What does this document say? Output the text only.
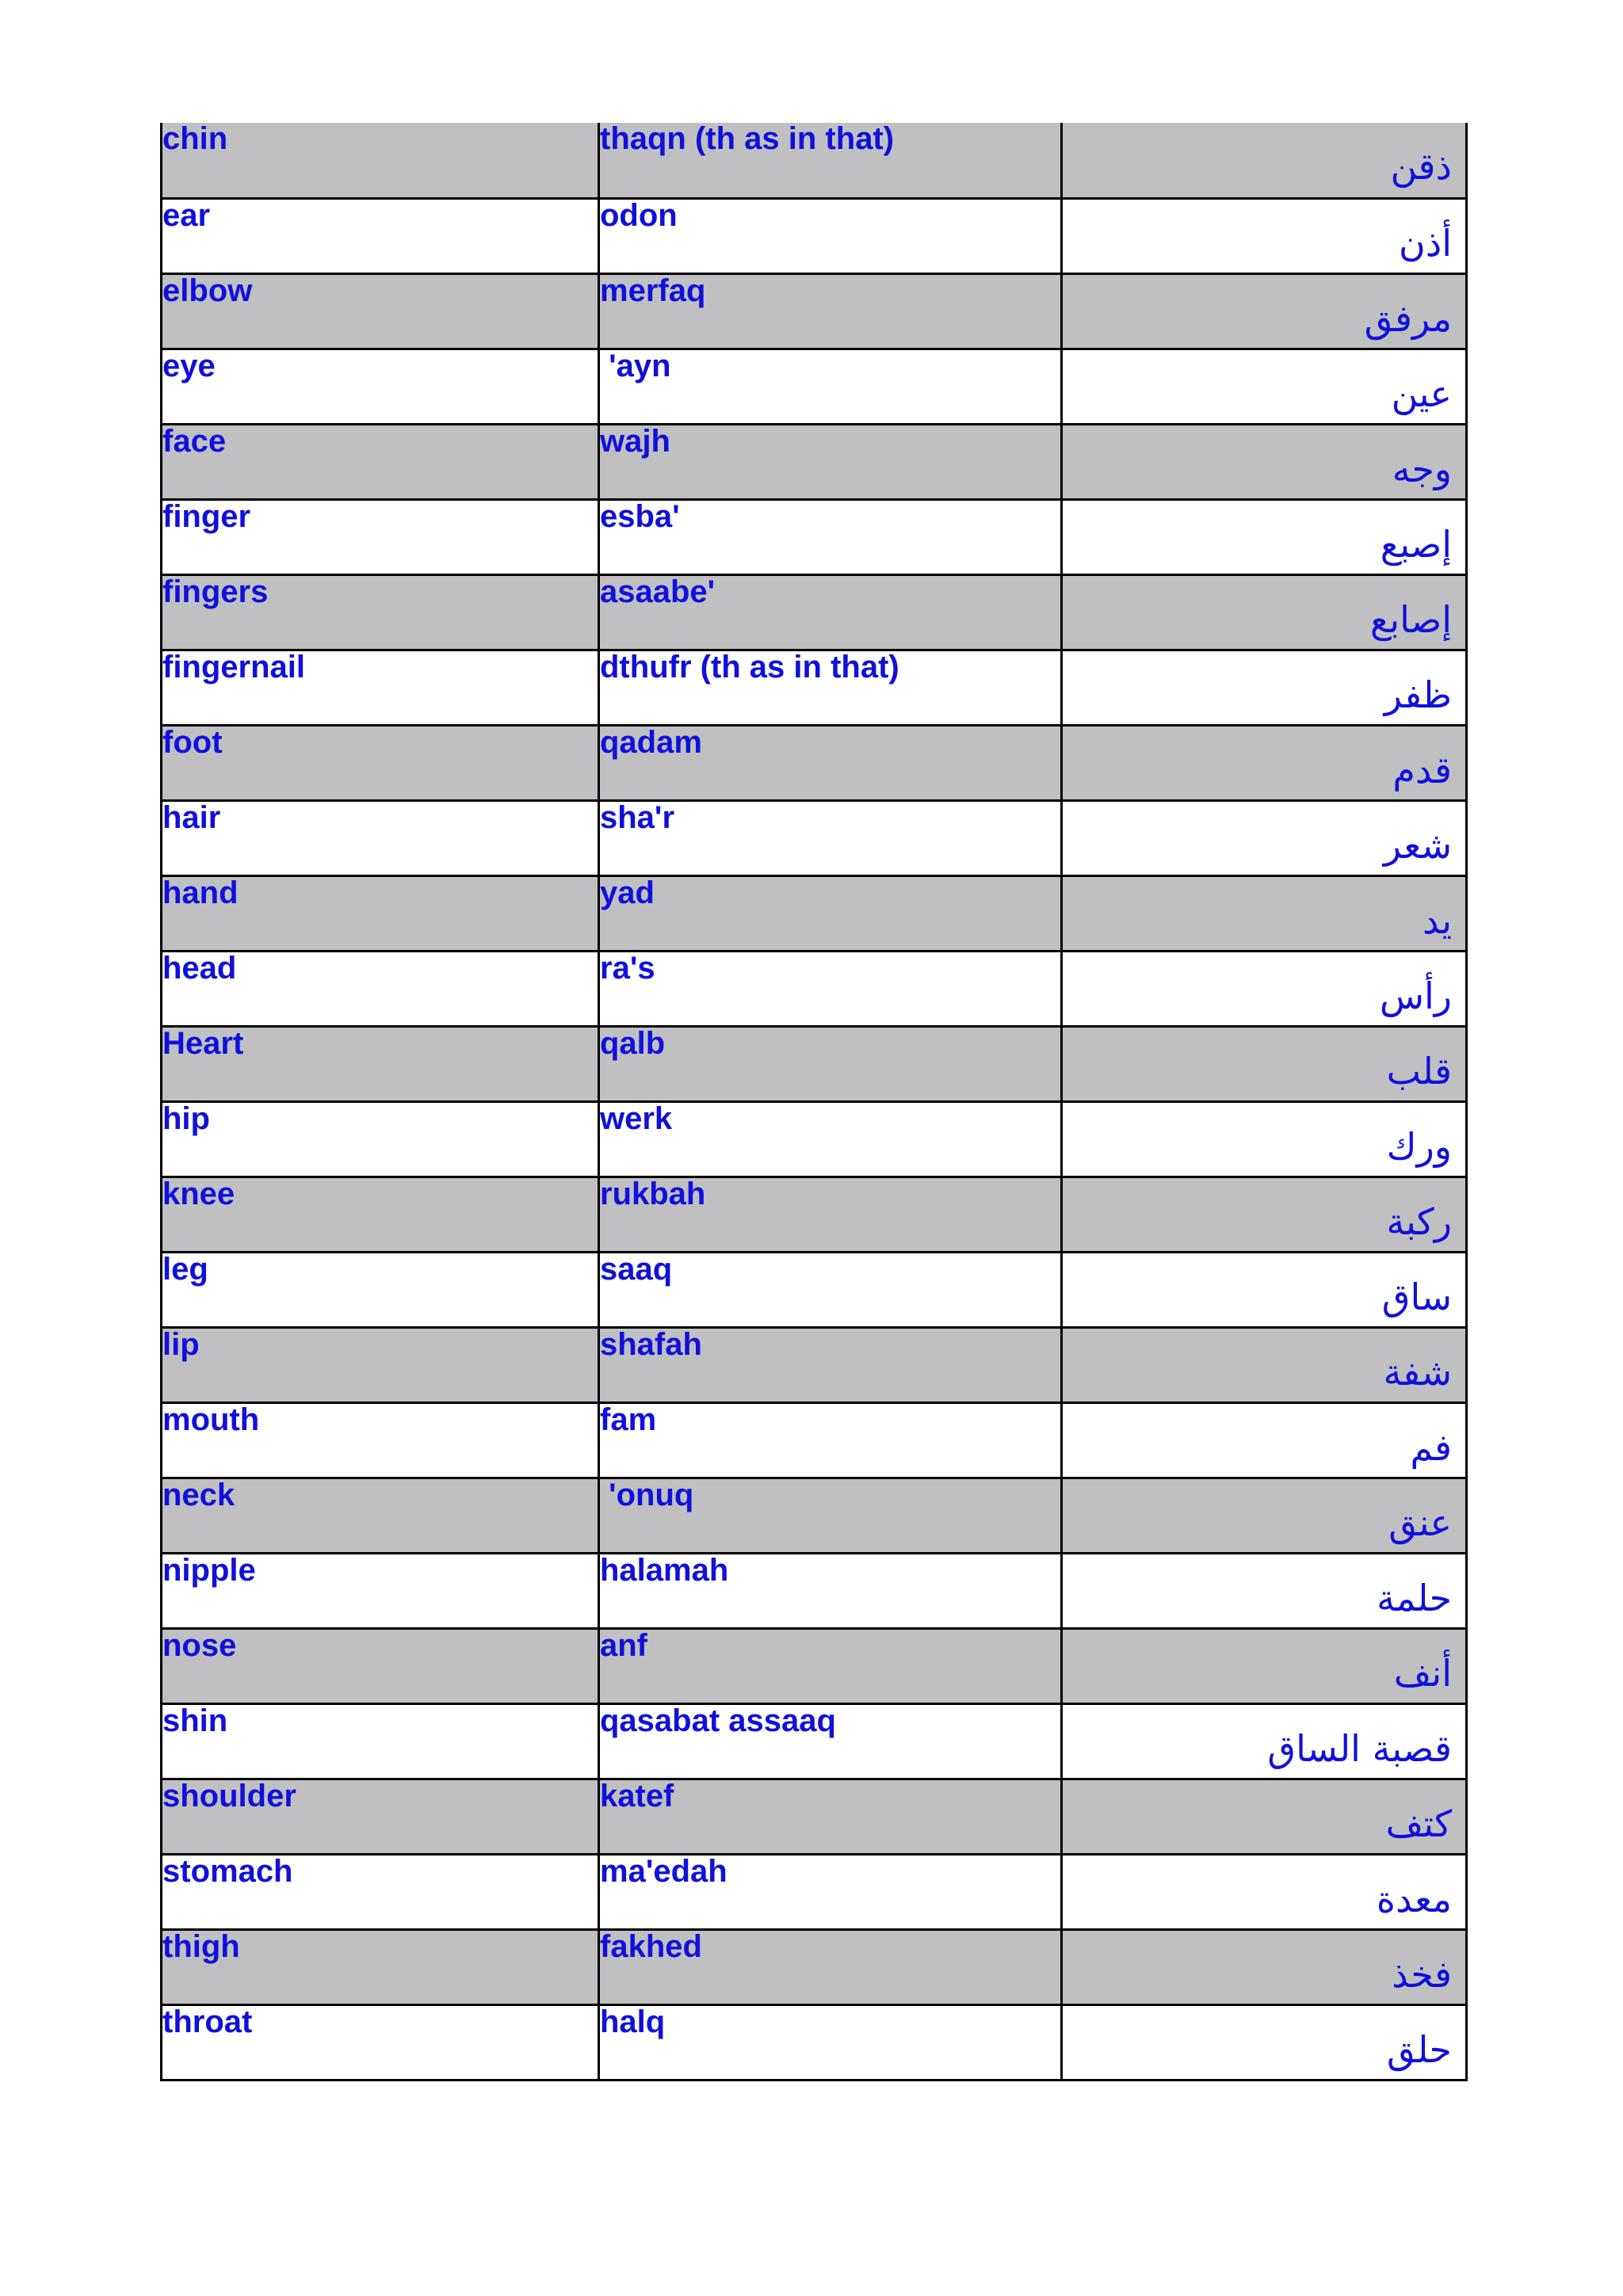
chin	thaqn (th as in that)	ذقن
ear	odon	أذن
elbow	merfaq	مرفق
eye	'ayn	عين
face	wajh	وجه
finger	esba'	إصبع
fingers	asaabe'	إصابع
fingernail	dthufr (th as in that)	ظفر
foot	qadam	قدم
hair	sha'r	شعر
hand	yad	يد
head	ra's	رأس
Heart	qalb	قلب
hip	werk	ورك
knee	rukbah	ركبة
leg	saaq	ساق
lip	shafah	شفة
mouth	fam	فم
neck	'onuq	عنق
nipple	halamah	حلمة
nose	anf	أنف
shin	qasabat assaaq	قصبة الساق
shoulder	katef	كتف
stomach	ma'edah	معدة
thigh	fakhed	فخذ
throat	halq	حلق
